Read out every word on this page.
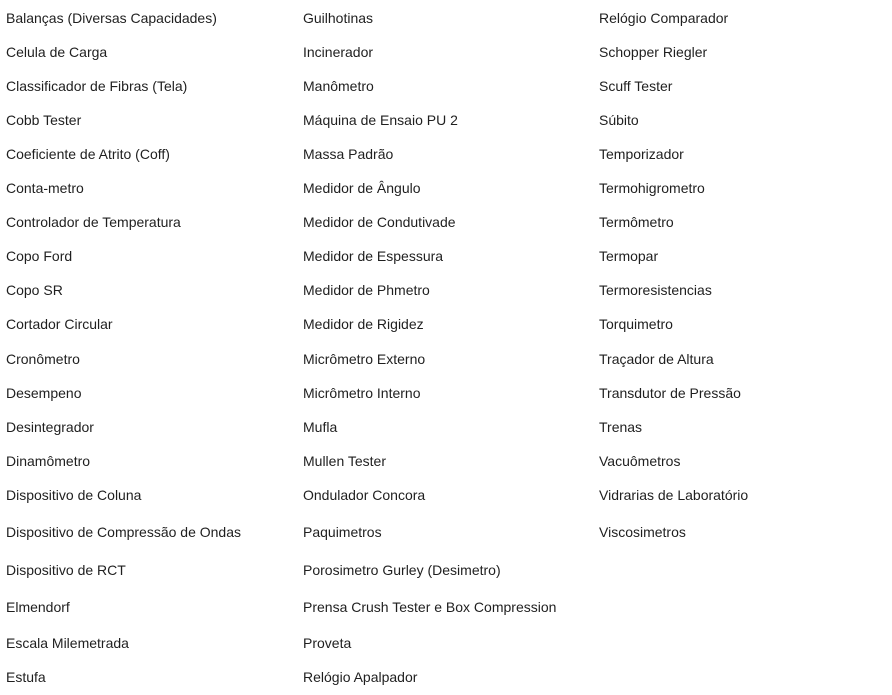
Balanças (Diversas Capacidades)
Celula de Carga
Classificador de Fibras (Tela)
Cobb Tester
Coeficiente de Atrito (Coff)
Conta-metro
Controlador de Temperatura
Copo Ford
Copo SR
Cortador Circular
Cronômetro
Desempeno
Desintegrador
Dinamômetro
Dispositivo de Coluna
Dispositivo de Compressão de Ondas
Dispositivo de RCT
Elmendorf
Escala Milemetrada
Estufa
Guilhotinas
Incinerador
Manômetro
Máquina de Ensaio PU 2
Massa Padrão
Medidor de Ângulo
Medidor de Condutivade
Medidor de Espessura
Medidor de Phmetro
Medidor de Rigidez
Micrômetro Externo
Micrômetro Interno
Mufla
Mullen Tester
Ondulador Concora
Paquimetros
Porosimetro Gurley (Desimetro)
Prensa Crush Tester e Box Compression
Proveta
Relógio Apalpador
Relógio Comparador
Schopper Riegler
Scuff Tester
Súbito
Temporizador
Termohigrometro
Termômetro
Termopar
Termoresistencias
Torquimetro
Traçador de Altura
Transdutor de Pressão
Trenas
Vacuômetros
Vidrarias de Laboratório
Viscosimetros
